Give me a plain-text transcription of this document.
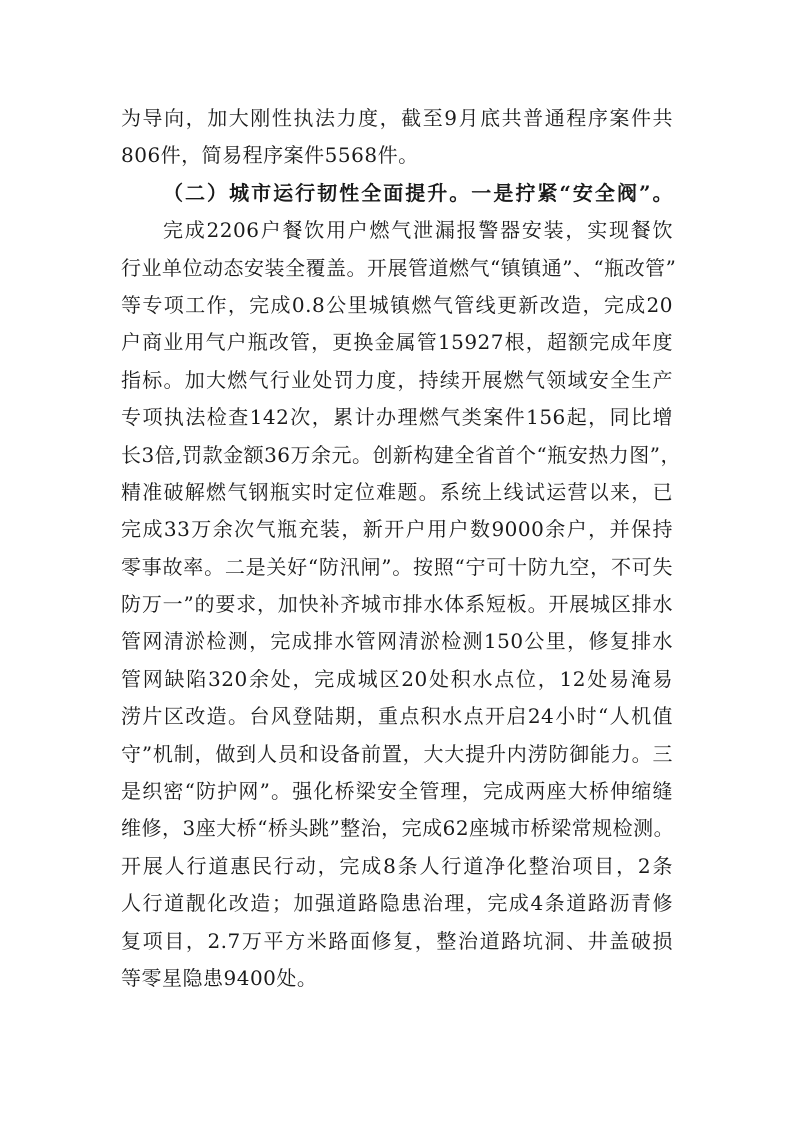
为导向，加大刚性执法力度，截至9月底共普通程序案件共
806件，简易程序案件5568件。
（二）城市运行韧性全面提升。一是拧紧“安全阀”。
完成2206户餐饮用户燃气泄漏报警器安装，实现餐饮
行业单位动态安装全覆盖。开展管道燃气“镇镇通”、“瓶改管”
等专项工作，完成0.8公里城镇燃气管线更新改造，完成20
户商业用气户瓶改管，更换金属管15927根，超额完成年度
指标。加大燃气行业处罚力度，持续开展燃气领域安全生产
专项执法检查142次，累计办理燃气类案件156起，同比增
长3倍,罚款金额36万余元。创新构建全省首个“瓶安热力图”，
精准破解燃气钢瓶实时定位难题。系统上线试运营以来，已
完成33万余次气瓶充装，新开户用户数9000余户，并保持
零事故率。二是关好“防汛闸”。按照“宁可十防九空，不可失
防万一”的要求，加快补齐城市排水体系短板。开展城区排水
管网清淤检测，完成排水管网清淤检测150公里，修复排水
管网缺陷320余处，完成城区20处积水点位，12处易淹易
涝片区改造。台风登陆期，重点积水点开启24小时“人机值
守”机制，做到人员和设备前置，大大提升内涝防御能力。三
是织密“防护网”。强化桥梁安全管理，完成两座大桥伸缩缝
维修，3座大桥“桥头跳”整治，完成62座城市桥梁常规检测。
开展人行道惠民行动，完成8条人行道净化整治项目，2条
人行道靓化改造；加强道路隐患治理，完成4条道路沥青修
复项目，2.7万平方米路面修复，整治道路坑洞、井盖破损
等零星隐患9400处。
